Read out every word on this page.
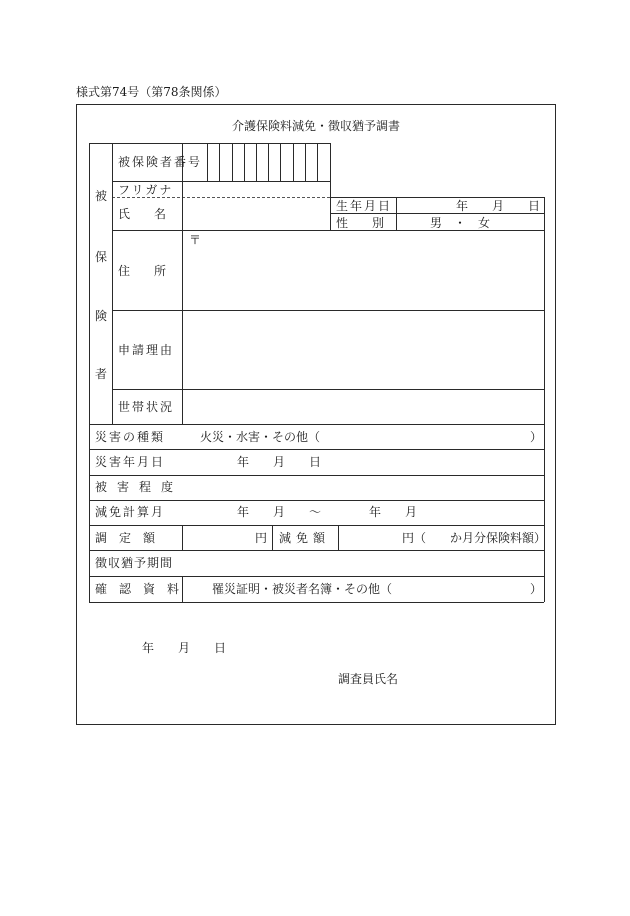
様式第74号（第78条関係）
介護保険料減免・徴収猶予調書
被
保
険
者
被保険者番号
フリガナ
氏　　名
生年月日	年　　月　　日
性　　別	男　・　女
〒
住　　所
申請理由
世帯状況
災害の種類	火災・水害・その他（	）
災害年月日	年　　月　　日
被害程度
減免計算月	年　　月　　～　　　　年　　月
調　定　額	円 減免額	円（　　か月分保険料額）
徴収猶予期間
確　認　資　料	罹災証明・被災者名簿・その他（	）
年　　月　　日
調査員氏名
